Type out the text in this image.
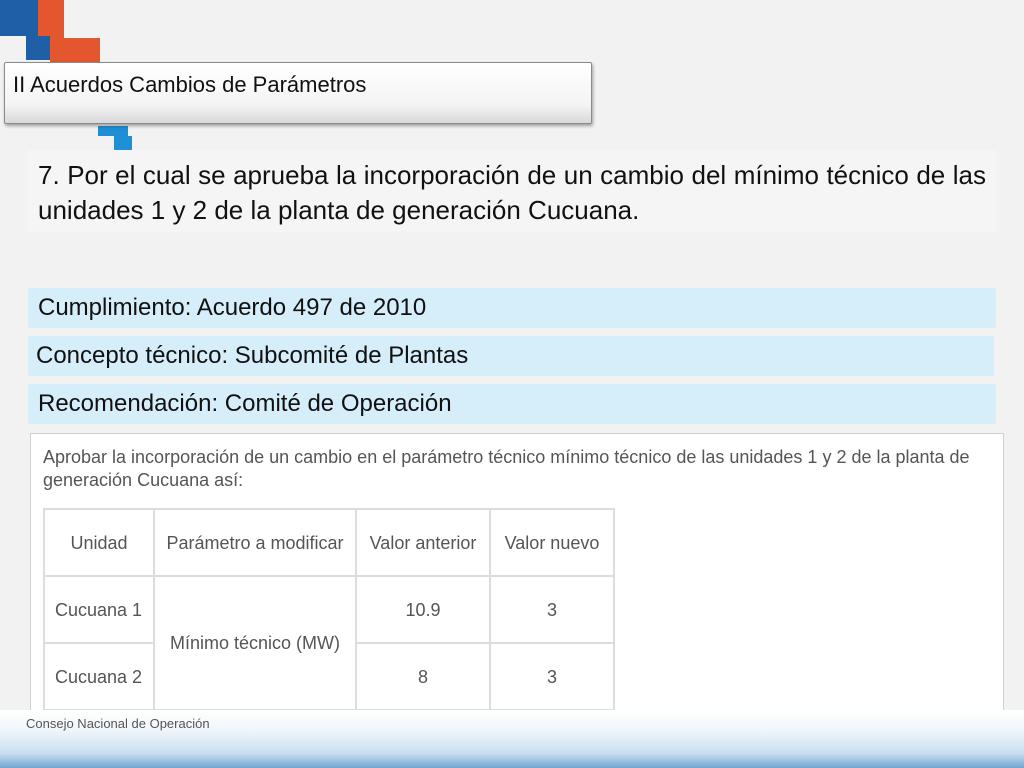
II Acuerdos Cambios de Parámetros

7. Por el cual se aprueba la incorporación de un cambio del mínimo técnico de las unidades 1 y 2 de la planta de generación Cucuana.

Cumplimiento: Acuerdo 497 de 2010
Concepto técnico: Subcomité de Plantas
Recomendación: Comité de Operación
Aprobar la incorporación de un cambio en el parámetro técnico mínimo técnico de las unidades 1 y 2 de la planta de generación Cucuana así:
Unidad	Parámetro a modificar	Valor anterior	Valor nuevo
Cucuana 1	Mínimo técnico (MW)	10.9	3
Cucuana 2		8	3
Consejo Nacional de Operación
